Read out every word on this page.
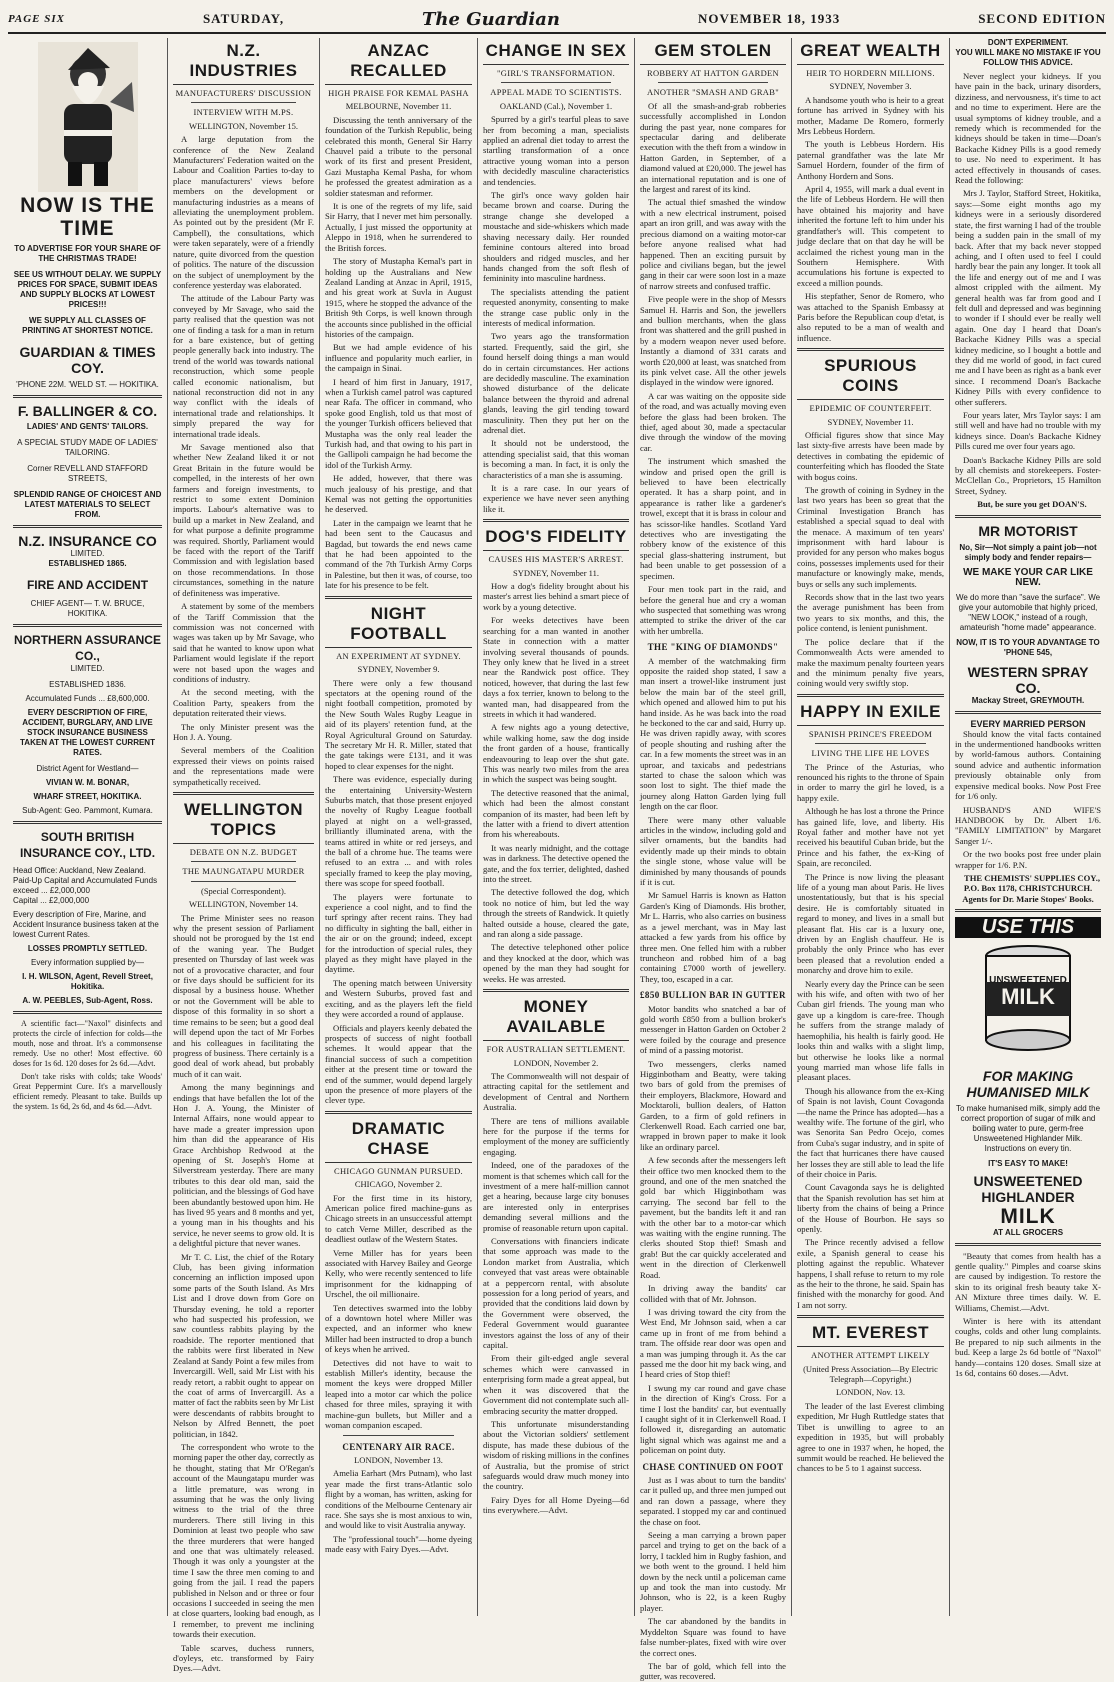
PAGE SIX	SATURDAY,	The Guardian	NOVEMBER 18, 1933	SECOND EDITION
NOW IS THE TIME
TO ADVERTISE FOR YOUR SHARE OF THE CHRISTMAS TRADE!
SEE US WITHOUT DELAY. WE SUPPLY PRICES FOR SPACE, SUBMIT IDEAS AND SUPPLY BLOCKS AT LOWEST PRICES!!!
WE SUPPLY ALL CLASSES OF PRINTING AT SHORTEST NOTICE.
GUARDIAN & TIMES COY.
'PHONE 22M. 'WELD ST. — HOKITIKA.
F. BALLINGER & CO.
LADIES' AND GENTS' TAILORS.
A SPECIAL STUDY MADE OF LADIES' TAILORING.
Corner REVELL AND STAFFORD STREETS,
SPLENDID RANGE OF CHOICEST AND LATEST MATERIALS TO SELECT FROM.
N.Z. INSURANCE CO
LIMITED.
ESTABLISHED 1865.
FIRE AND ACCIDENT
CHIEF AGENT— T. W. BRUCE, HOKITIKA.
NORTHERN ASSURANCE CO.,
LIMITED.
ESTABLISHED 1836.
Accumulated Funds ... £8,600,000.
EVERY DESCRIPTION OF FIRE, ACCIDENT, BURGLARY, AND LIVE STOCK INSURANCE BUSINESS TAKEN AT THE LOWEST CURRENT RATES.
District Agent for Westland—
VIVIAN W. M. BONAR,
WHARF STREET, HOKITIKA.
Sub-Agent: Geo. Pammont, Kumara.
SOUTH BRITISH INSURANCE COY., LTD.
Head Office: Auckland, New Zealand. Paid-Up Capital and Accumulated Funds exceed ... £2,000,000
Capital ... £2,000,000
Every description of Fire, Marine, and Accident Insurance business taken at the lowest Current Rates.
LOSSES PROMPTLY SETTLED.
Every information supplied by—
I. H. WILSON, Agent, Revell Street, Hokitika.
A. W. PEEBLES, Sub-Agent, Ross.

A scientific fact—"Naxol" disinfects and protects the circle of infection for colds—the mouth, nose and throat. It's a commonsense remedy. Use no other! Most effective. 60 doses for 1s 6d. 120 doses for 2s 6d.—Advt.

Don't take risks with colds; take Woods' Great Peppermint Cure. It's a marvellously efficient remedy. Pleasant to take. Builds up the system. 1s 6d, 2s 6d, and 4s 6d.—Advt.

N.Z. INDUSTRIES
MANUFACTURERS' DISCUSSION
INTERVIEW WITH M.PS.
WELLINGTON, November 15.

A large deputation from the conference of the New Zealand Manufacturers' Federation waited on the Labour and Coalition Parties to-day to place manufacturers' views before members on the development or manufacturing industries as a means of alleviating the unemployment problem. As pointed out by the president (Mr F. Campbell), the consultations, which were taken separately, were of a friendly nature, quite divorced from the question of politics. The nature of the discussion on the subject of unemployment by the conference yesterday was elaborated.

The attitude of the Labour Party was conveyed by Mr Savage, who said the party realised that the question was not one of finding a task for a man in return for a bare existence, but of getting people generally back into industry. The trend of the world was towards national reconstruction, which some people called economic nationalism, but national reconstruction did not in any way conflict with the ideals of international trade and relationships. It simply prepared the way for international trade ideals.

Mr Savage mentioned also that whether New Zealand liked it or not Great Britain in the future would be compelled, in the interests of her own farmers and foreign investments, to restrict to some extent Dominion imports. Labour's alternative was to build up a market in New Zealand, and for what purpose a definite programme was required. Shortly, Parliament would be faced with the report of the Tariff Commission and with legislation based on those recommendations. In those circumstances, something in the nature of definiteness was imperative.

A statement by some of the members of the Tariff Commission that the commission was not concerned with wages was taken up by Mr Savage, who said that he wanted to know upon what Parliament would legislate if the report were not based upon the wages and conditions of industry.

At the second meeting, with the Coalition Party, speakers from the deputation reiterated their views.

The only Minister present was the Hon J. A. Young.

Several members of the Coalition expressed their views on points raised and the representations made were sympathetically received.

WELLINGTON TOPICS
DEBATE ON N.Z. BUDGET
THE MAUNGATAPU MURDER
(Special Correspondent).
WELLINGTON, November 14.

The Prime Minister sees no reason why the present session of Parliament should not be prorogued by the 1st end of the waning year. The Budget presented on Thursday of last week was not of a provocative character, and four or five days should be sufficient for its disposal by a business house. Whether or not the Government will be able to dispose of this formality in so short a time remains to be seen; but a good deal will depend upon the tact of Mr Forbes and his colleagues in facilitating the progress of business. There certainly is a good deal of work ahead, but probably much of it can wait.

Among the many beginnings and endings that have befallen the lot of the Hon J. A. Young, the Minister of Internal Affairs, none would appear to have made a greater impression upon him than did the appearance of His Grace Archbishop Redwood at the opening of St. Joseph's Home at Silverstream yesterday. There are many tributes to this dear old man, said the politician, and the blessings of God have been abundantly bestowed upon him. He has lived 95 years and 8 months and yet, a young man in his thoughts and his service, he never seems to grow old. It is a delightful picture that never wanes.

Mr T. C. List, the chief of the Rotary Club, has been giving information concerning an infliction imposed upon some parts of the South Island. As Mrs List and I drove down from Gore on Thursday evening, he told a reporter who had suspected his profession, we saw countless rabbits playing by the roadside. The reporter mentioned that the rabbits were first liberated in New Zealand at Sandy Point a few miles from Invercargill. Well, said Mr List with his ready retort, a rabbit ought to appear on the coat of arms of Invercargill. As a matter of fact the rabbits seen by Mr List were descendants of rabbits brought to Nelson by Alfred Bennett, the poet politician, in 1842.

The correspondent who wrote to the morning paper the other day, correctly as he thought, stating that Mr O'Regan's account of the Maungatapu murder was a little premature, was wrong in assuming that he was the only living witness to the trial of the three murderers. There still living in this Dominion at least two people who saw the three murderers that were hanged and one that was ultimately released. Though it was only a youngster at the time I saw the three men coming to and going from the jail. I read the papers published in Nelson and or three or four occasions I succeeded in seeing the men at close quarters, looking bad enough, as I remember, to prevent me inclining towards their execution.

Table scarves, duchess runners, d'oyleys, etc. transformed by Fairy Dyes.—Advt.

ANZAC RECALLED
HIGH PRAISE FOR KEMAL PASHA
MELBOURNE, November 11.

Discussing the tenth anniversary of the foundation of the Turkish Republic, being celebrated this month, General Sir Harry Chauvel paid a tribute to the personal work of its first and present President, Gazi Mustapha Kemal Pasha, for whom he professed the greatest admiration as a soldier statesman and reformer.

It is one of the regrets of my life, said Sir Harry, that I never met him personally. Actually, I just missed the opportunity at Aleppo in 1918, when he surrendered to the British forces.

The story of Mustapha Kemal's part in holding up the Australians and New Zealand Landing at Anzac in April, 1915, and his great work at Suvla in August 1915, where he stopped the advance of the British 9th Corps, is well known through the accounts since published in the official histories of the campaign.

But we had ample evidence of his influence and popularity much earlier, in the campaign in Sinai.

I heard of him first in January, 1917, when a Turkish camel patrol was captured near Rafa. The officer in command, who spoke good English, told us that most of the younger Turkish officers believed that Mustapha was the only real leader the Turkish had, and that owing to his part in the Gallipoli campaign he had become the idol of the Turkish Army.

He added, however, that there was much jealousy of his prestige, and that Kemal was not getting the opportunities he deserved.

Later in the campaign we learnt that he had been sent to the Caucasus and Bagdad, but towards the end news came that he had been appointed to the command of the 7th Turkish Army Corps in Palestine, but then it was, of course, too late for his presence to be felt.

NIGHT FOOTBALL
AN EXPERIMENT AT SYDNEY.
SYDNEY, November 9.

There were only a few thousand spectators at the opening round of the night football competition, promoted by the New South Wales Rugby League in aid of its players' retention fund, at the Royal Agricultural Ground on Saturday. The secretary Mr H. R. Miller, stated that the gate takings were £131, and it was hoped to clear expenses for the night.

There was evidence, especially during the entertaining University-Western Suburbs match, that those present enjoyed the novelty of Rugby League football played at night on a well-grassed, brilliantly illuminated arena, with the teams attired in white or red jerseys, and the ball of a chrome hue. The teams were refused to an extra ... and with roles specially framed to keep the play moving, there was scope for speed football.

The players were fortunate to experience a cool night, and to find the turf springy after recent rains. They had no difficulty in sighting the ball, either in the air or on the ground; indeed, except for the introduction of special rules, they played as they might have played in the daytime.

The opening match between University and Western Suburbs, proved fast and exciting, and as the players left the field they were accorded a round of applause.

Officials and players keenly debated the prospects of success of night football schemes. It would appear that the financial success of such a competition either at the present time or toward the end of the summer, would depend largely upon the presence of more players of the clever type.

DRAMATIC CHASE
CHICAGO GUNMAN PURSUED.
CHICAGO, November 2.

For the first time in its history, American police fired machine-guns as Chicago streets in an unsuccessful attempt to catch Verne Miller, described as the deadliest outlaw of the Western States.

Verne Miller has for years been associated with Harvey Bailey and George Kelly, who were recently sentenced to life imprisonment for the kidnapping of Urschel, the oil millionaire.

Ten detectives swarmed into the lobby of a downtown hotel where Miller was expected, and an informer who knew Miller had been instructed to drop a bunch of keys when he arrived.

Detectives did not have to wait to establish Miller's identity, because the moment the keys were dropped Miller leaped into a motor car which the police chased for three miles, spraying it with machine-gun bullets, but Miller and a woman companion escaped.

CENTENARY AIR RACE.
LONDON, November 13.

Amelia Earhart (Mrs Putnam), who last year made the first trans-Atlantic solo flight by a woman, has written, asking for conditions of the Melbourne Centenary air race. She says she is most anxious to win, and would like to visit Australia anyway.

The "professional touch"—home dyeing made easy with Fairy Dyes.—Advt.

CHANGE IN SEX
"GIRL'S TRANSFORMATION.
APPEAL MADE TO SCIENTISTS.
OAKLAND (Cal.), November 1.

Spurred by a girl's tearful pleas to save her from becoming a man, specialists applied an adrenal diet today to arrest the startling transformation of a once attractive young woman into a person with decidedly masculine characteristics and tendencies.

The girl's once wavy golden hair became brown and coarse. During the strange change she developed a moustache and side-whiskers which made shaving necessary daily. Her rounded feminine contours altered into broad shoulders and ridged muscles, and her hands changed from the soft flesh of femininity into masculine hardness.

The specialists attending the patient requested anonymity, consenting to make the strange case public only in the interests of medical information.

Two years ago the transformation started. Frequently, said the girl, she found herself doing things a man would do in certain circumstances. Her actions are decidedly masculine. The examination showed disturbance of the delicate balance between the thyroid and adrenal glands, leaving the girl tending toward masculinity. Then they put her on the adrenal diet.

It should not be understood, the attending specialist said, that this woman is becoming a man. In fact, it is only the characteristics of a man she is assuming.

It is a rare case. In our years of experience we have never seen anything like it.

DOG'S FIDELITY
CAUSES HIS MASTER'S ARREST.
SYDNEY, November 11.

How a dog's fidelity brought about his master's arrest lies behind a smart piece of work by a young detective.

For weeks detectives have been searching for a man wanted in another State in connection with a matter involving several thousands of pounds. They only knew that he lived in a street near the Randwick post office. They noticed, however, that during the last few days a fox terrier, known to belong to the wanted man, had disappeared from the streets in which it had wandered.

A few nights ago a young detective, while walking home, saw the dog inside the front garden of a house, frantically endeavouring to leap over the shut gate. This was nearly two miles from the area in which the suspect was being sought.

The detective reasoned that the animal, which had been the almost constant companion of its master, had been left by the latter with a friend to divert attention from his whereabouts.

It was nearly midnight, and the cottage was in darkness. The detective opened the gate, and the fox terrier, delighted, dashed into the street.

The detective followed the dog, which took no notice of him, but led the way through the streets of Randwick. It quietly halted outside a house, cleared the gate, and ran along a side passage.

The detective telephoned other police and they knocked at the door, which was opened by the man they had sought for weeks. He was arrested.

MONEY AVAILABLE
FOR AUSTRALIAN SETTLEMENT.
LONDON, November 2.

The Commonwealth will not despair of attracting capital for the settlement and development of Central and Northern Australia.

There are tens of millions available here for the purpose if the terms for employment of the money are sufficiently engaging.

Indeed, one of the paradoxes of the moment is that schemes which call for the investment of a mere half-million cannot get a hearing, because large city bonuses are interested only in enterprises demanding several millions and the promise of reasonable return upon capital.

Conversations with financiers indicate that some approach was made to the London market from Australia, which conveyed that vast areas were obtainable at a peppercorn rental, with absolute possession for a long period of years, and provided that the conditions laid down by the Government were observed, the Federal Government would guarantee investors against the loss of any of their capital.

From their gilt-edged angle several schemes which were canvassed in enterprising form made a great appeal, but when it was discovered that the Government did not contemplate such all-embracing security the matter dropped.

This unfortunate misunderstanding about the Victorian soldiers' settlement dispute, has made these dubious of the wisdom of risking millions in the confines of Australia, but the promise of strict safeguards would draw much money into the country.

Fairy Dyes for all Home Dyeing—6d tins everywhere.—Advt.

GEM STOLEN
ROBBERY AT HATTON GARDEN
ANOTHER "SMASH AND GRAB"

Of all the smash-and-grab robberies successfully accomplished in London during the past year, none compares for spectacular daring and deliberate execution with the theft from a window in Hatton Garden, in September, of a diamond valued at £20,000. The jewel has an international reputation and is one of the largest and rarest of its kind.

The actual thief smashed the window with a new electrical instrument, poised apart an iron grill, and was away with the precious diamond on a waiting motor-car before anyone realised what had happened. Then an exciting pursuit by police and civilians began, but the jewel gang in their car were soon lost in a maze of narrow streets and confused traffic.

Five people were in the shop of Messrs Samuel H. Harris and Son, the jewellers and bullion merchants, when the glass front was shattered and the grill pushed in by a modern weapon never used before. Instantly a diamond of 331 carats and worth £20,000 at least, was snatched from its pink velvet case. All the other jewels displayed in the window were ignored.

A car was waiting on the opposite side of the road, and was actually moving even before the glass had been broken. The thief, aged about 30, made a spectacular dive through the window of the moving car.

The instrument which smashed the window and prised open the grill is believed to have been electrically operated. It has a sharp point, and in appearance is rather like a gardener's trowel, except that it is brass in colour and has scissor-like handles. Scotland Yard detectives who are investigating the robbery know of the existence of this special glass-shattering instrument, but had been unable to get possession of a specimen.

Four men took part in the raid, and before the general hue and cry a woman who suspected that something was wrong attempted to strike the driver of the car with her umbrella.

THE "KING OF DIAMONDS"

A member of the watchmaking firm opposite the raided shop stated, I saw a man insert a trowel-like instrument just below the main bar of the steel grill, which opened and allowed him to put his hand inside. As he was back into the road he beckoned to the car and said, Hurry up. He was driven rapidly away, with scores of people shouting and rushing after the car. In a few moments the street was in an uproar, and taxicabs and pedestrians started to chase the saloon which was soon lost to sight. The thief made the journey along Hatton Garden lying full length on the car floor.

There were many other valuable articles in the window, including gold and silver ornaments, but the bandits had evidently made up their minds to obtain the single stone, whose value will be diminished by many thousands of pounds if it is cut.

Mr Samuel Harris is known as Hatton Garden's King of Diamonds. His brother, Mr L. Harris, who also carries on business as a jewel merchant, was in May last attacked a few yards from his office by three men. One felled him with a rubber truncheon and robbed him of a bag containing £7000 worth of jewellery. They, too, escaped in a car.

£850 BULLION BAR IN GUTTER

Motor bandits who snatched a bar of gold worth £850 from a bullion broker's messenger in Hatton Garden on October 2 were foiled by the courage and presence of mind of a passing motorist.

Two messengers, clerks named Higginbotham and Beatty, were taking two bars of gold from the premises of their employers, Blackmore, Howard and Mocktaroli, bullion dealers, of Hatton Garden, to a firm of gold refiners in Clerkenwell Road. Each carried one bar, wrapped in brown paper to make it look like an ordinary parcel.

A few seconds after the messengers left their office two men knocked them to the ground, and one of the men snatched the gold bar which Higginbotham was carrying. The second bar fell to the pavement, but the bandits left it and ran with the other bar to a motor-car which was waiting with the engine running. The clerks shouted Stop thief! Smash and grab! But the car quickly accelerated and went in the direction of Clerkenwell Road.

In driving away the bandits' car collided with that of Mr. Johnson.

I was driving toward the city from the West End, Mr Johnson said, when a car came up in front of me from behind a tram. The offside rear door was open and a man was jumping through it. As the car passed me the door hit my back wing, and I heard cries of Stop thief!

I swung my car round and gave chase in the direction of King's Cross. For a time I lost the bandits' car, but eventually I caught sight of it in Clerkenwell Road. I followed it, disregarding an automatic light signal which was against me and a policeman on point duty.

CHASE CONTINUED ON FOOT

Just as I was about to turn the bandits' car it pulled up, and three men jumped out and ran down a passage, where they separated. I stopped my car and continued the chase on foot.

Seeing a man carrying a brown paper parcel and trying to get on the back of a lorry, I tackled him in Rugby fashion, and we both went to the ground. I held him down by the neck until a policeman came up and took the man into custody. Mr Johnson, who is 22, is a keen Rugby player.

The car abandoned by the bandits in Myddelton Square was found to have false number-plates, fixed with wire over the correct ones.

The bar of gold, which fell into the gutter, was recovered.

GREAT WEALTH
HEIR TO HORDERN MILLIONS.
SYDNEY, November 3.

A handsome youth who is heir to a great fortune has arrived in Sydney with his mother, Madame De Romero, formerly Mrs Lebbeus Hordern.

The youth is Lebbeus Hordern. His paternal grandfather was the late Mr Samuel Hordern, founder of the firm of Anthony Hordern and Sons.

April 4, 1955, will mark a dual event in the life of Lebbeus Hordern. He will then have obtained his majority and have inherited the fortune left to him under his grandfather's will. This competent to judge declare that on that day he will be acclaimed the richest young man in the Southern Hemisphere. With accumulations his fortune is expected to exceed a million pounds.

His stepfather, Senor de Romero, who was attached to the Spanish Embassy at Paris before the Republican coup d'etat, is also reputed to be a man of wealth and influence.

SPURIOUS COINS
EPIDEMIC OF COUNTERFEIT.
SYDNEY, November 11.

Official figures show that since May last sixty-five arrests have been made by detectives in combating the epidemic of counterfeiting which has flooded the State with bogus coins.

The growth of coining in Sydney in the last two years has been so great that the Criminal Investigation Branch has established a special squad to deal with the menace. A maximum of ten years' imprisonment with hard labour is provided for any person who makes bogus coins, possesses implements used for their manufacture or knowingly make, mends, buys or sells any such implements.

Records show that in the last two years the average punishment has been from two years to six months, and this, the police contend, is lenient punishment.

The police declare that if the Commonwealth Acts were amended to make the maximum penalty fourteen years and the minimum penalty five years, coining would very swiftly stop.

HAPPY IN EXILE
SPANISH PRINCE'S FREEDOM
LIVING THE LIFE HE LOVES

The Prince of the Asturias, who renounced his rights to the throne of Spain in order to marry the girl he loved, is a happy exile.

Although he has lost a throne the Prince has gained life, love, and liberty. His Royal father and mother have not yet received his beautiful Cuban bride, but the Prince and his father, the ex-King of Spain, are reconciled.

The Prince is now living the pleasant life of a young man about Paris. He lives unostentatiously, but that is his special desire. He is comfortably situated in regard to money, and lives in a small but pleasant flat. His car is a luxury one, driven by an English chauffeur. He is probably the only Prince who has ever been pleased that a revolution ended a monarchy and drove him to exile.

Nearly every day the Prince can be seen with his wife, and often with two of her Cuban girl friends. The young man who gave up a kingdom is care-free. Though he suffers from the strange malady of haemophilia, his health is fairly good. He looks thin and walks with a slight limp, but otherwise he looks like a normal young married man whose life falls in pleasant places.

Though his allowance from the ex-King of Spain is not lavish, Count Covagonda—the name the Prince has adopted—has a wealthy wife. The fortune of the girl, who was Senorita San Pedro Ocejo, comes from Cuba's sugar industry, and in spite of the fact that hurricanes there have caused her losses they are still able to lead the life of their choice in Paris.

Count Cavagonda says he is delighted that the Spanish revolution has set him at liberty from the chains of being a Prince of the House of Bourbon. He says so openly.

The Prince recently advised a fellow exile, a Spanish general to cease his plotting against the republic. Whatever happens, I shall refuse to return to my role as the heir to the throne, he said. Spain has finished with the monarchy for good. And I am not sorry.

MT. EVEREST
ANOTHER ATTEMPT LIKELY
(United Press Association—By Electric Telegraph—Copyright.)
LONDON, Nov. 13.

The leader of the last Everest climbing expedition, Mr Hugh Ruttledge states that Tibet is unwilling to agree to an expedition in 1935, but will probably agree to one in 1937 when, he hoped, the summit would be reached. He believed the chances to be 5 to 1 against success.

DON'T EXPERIMENT.
YOU WILL MAKE NO MISTAKE IF YOU FOLLOW THIS ADVICE.

Never neglect your kidneys. If you have pain in the back, urinary disorders, dizziness, and nervousness, it's time to act and no time to experiment. Here are the usual symptoms of kidney trouble, and a remedy which is recommended for the kidneys should be taken in time—Doan's Backache Kidney Pills is a good remedy to use. No need to experiment. It has acted effectively in thousands of cases. Read the following:

Mrs J. Taylor, Stafford Street, Hokitika, says:—Some eight months ago my kidneys were in a seriously disordered state, the first warning I had of the trouble being a sudden pain in the small of my back. After that my back never stopped aching, and I often used to feel I could hardly bear the pain any longer. It took all the life and energy out of me and I was almost crippled with the ailment. My general health was far from good and I felt dull and depressed and was beginning to wonder if I should ever be really well again. One day I heard that Doan's Backache Kidney Pills was a special kidney medicine, so I bought a bottle and they did me world of good, in fact cured me and I have been as right as a bank ever since. I recommend Doan's Backache Kidney Pills with every confidence to other sufferers.

Four years later, Mrs Taylor says: I am still well and have had no trouble with my kidneys since. Doan's Backache Kidney Pills cured me over four years ago.

Doan's Backache Kidney Pills are sold by all chemists and storekeepers. Foster-McClellan Co., Proprietors, 15 Hamilton Street, Sydney.

But, be sure you get DOAN'S.

MR MOTORIST
No, Sir—Not simply a paint job—not simply body and fender repairs—
WE MAKE YOUR CAR LIKE NEW.
We do more than "save the surface". We give your automobile that highly priced, "NEW LOOK," instead of a rough, amateurish "home made" appearance.
NOW, IT IS TO YOUR ADVANTAGE TO 'PHONE 545,
WESTERN SPRAY CO.
Mackay Street, GREYMOUTH.
EVERY MARRIED PERSON

Should know the vital facts contained in the undermentioned handbooks written by world-famous authors. Containing sound advice and authentic information previously obtainable only from expensive medical books. Now Post Free for 1/6 only.

HUSBAND'S AND WIFE'S HANDBOOK by Dr. Albert 1/6. "FAMILY LIMITATION" by Margaret Sanger 1/-.

Or the two books post free under plain wrapper for 1/6. P.N.

THE CHEMISTS' SUPPLIES COY., P.O. Box 1178, CHRISTCHURCH. Agents for Dr. Marie Stopes' Books.

USE THIS
UNSWEETENED
MILK
FOR MAKING HUMANISED MILK
To make humanised milk, simply add the correct proportion of sugar of milk and boiling water to pure, germ-free Unsweetened Highlander Milk. Instructions on every tin.
IT'S EASY TO MAKE!
UNSWEETENED
HIGHLANDER
MILK
AT ALL GROCERS

"Beauty that comes from health has a gentle quality." Pimples and coarse skins are caused by indigestion. To restore the skin to its original fresh beauty take X-AN Mixture three times daily. W. E. Williams, Chemist.—Advt.

Winter is here with its attendant coughs, colds and other lung complaints. Be prepared to nip such ailments in the bud. Keep a large 2s 6d bottle of "Naxol" handy—contains 120 doses. Small size at 1s 6d, contains 60 doses.—Advt.
